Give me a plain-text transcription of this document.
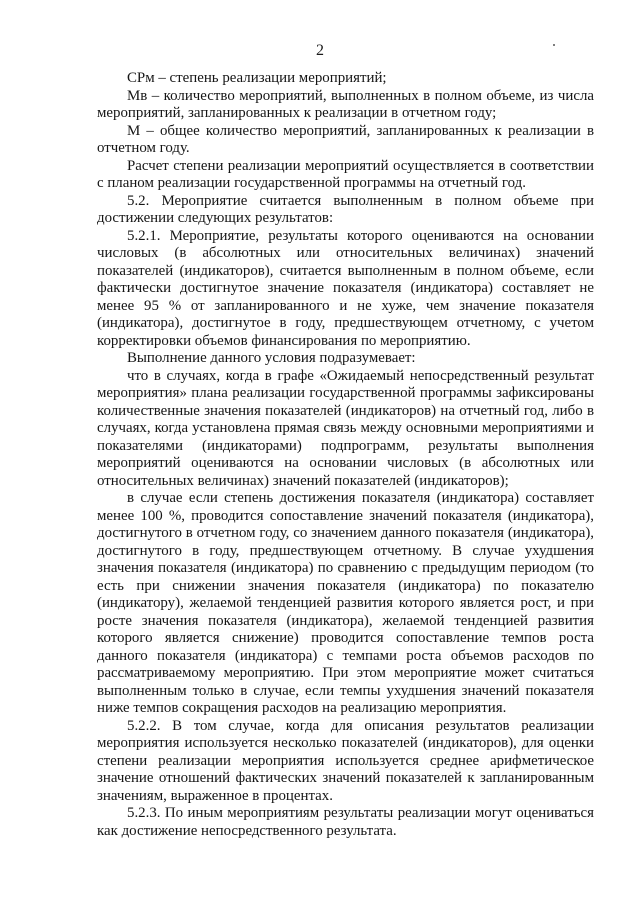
2

СРм – степень реализации мероприятий;

Мв – количество мероприятий, выполненных в полном объеме, из числа мероприятий, запланированных к реализации в отчетном году;

М – общее количество мероприятий, запланированных к реализации в отчетном году.

Расчет степени реализации мероприятий осуществляется в соответствии с планом реализации государственной программы на отчетный год.

5.2. Мероприятие считается выполненным в полном объеме при достижении следующих результатов:

5.2.1. Мероприятие, результаты которого оцениваются на основании числовых (в абсолютных или относительных величинах) значений показателей (индикаторов), считается выполненным в полном объеме, если фактически достигнутое значение показателя (индикатора) составляет не менее 95 % от запланированного и не хуже, чем значение показателя (индикатора), достигнутое в году, предшествующем отчетному, с учетом корректировки объемов финансирования по мероприятию.

Выполнение данного условия подразумевает:

что в случаях, когда в графе «Ожидаемый непосредственный результат мероприятия» плана реализации государственной программы зафиксированы количественные значения показателей (индикаторов) на отчетный год, либо в случаях, когда установлена прямая связь между основными мероприятиями и показателями (индикаторами) подпрограмм, результаты выполнения мероприятий оцениваются на основании числовых (в абсолютных или относительных величинах) значений показателей (индикаторов);

в случае если степень достижения показателя (индикатора) составляет менее 100 %, проводится сопоставление значений показателя (индикатора), достигнутого в отчетном году, со значением данного показателя (индикатора), достигнутого в году, предшествующем отчетному. В случае ухудшения значения показателя (индикатора) по сравнению с предыдущим периодом (то есть при снижении значения показателя (индикатора) по показателю (индикатору), желаемой тенденцией развития которого является рост, и при росте значения показателя (индикатора), желаемой тенденцией развития которого является снижение) проводится сопоставление темпов роста данного показателя (индикатора) с темпами роста объемов расходов по рассматриваемому мероприятию. При этом мероприятие может считаться выполненным только в случае, если темпы ухудшения значений показателя ниже темпов сокращения расходов на реализацию мероприятия.

5.2.2. В том случае, когда для описания результатов реализации мероприятия используется несколько показателей (индикаторов), для оценки степени реализации мероприятия используется среднее арифметическое значение отношений фактических значений показателей к запланированным значениям, выраженное в процентах.

5.2.3. По иным мероприятиям результаты реализации могут оцениваться как достижение непосредственного результата.
